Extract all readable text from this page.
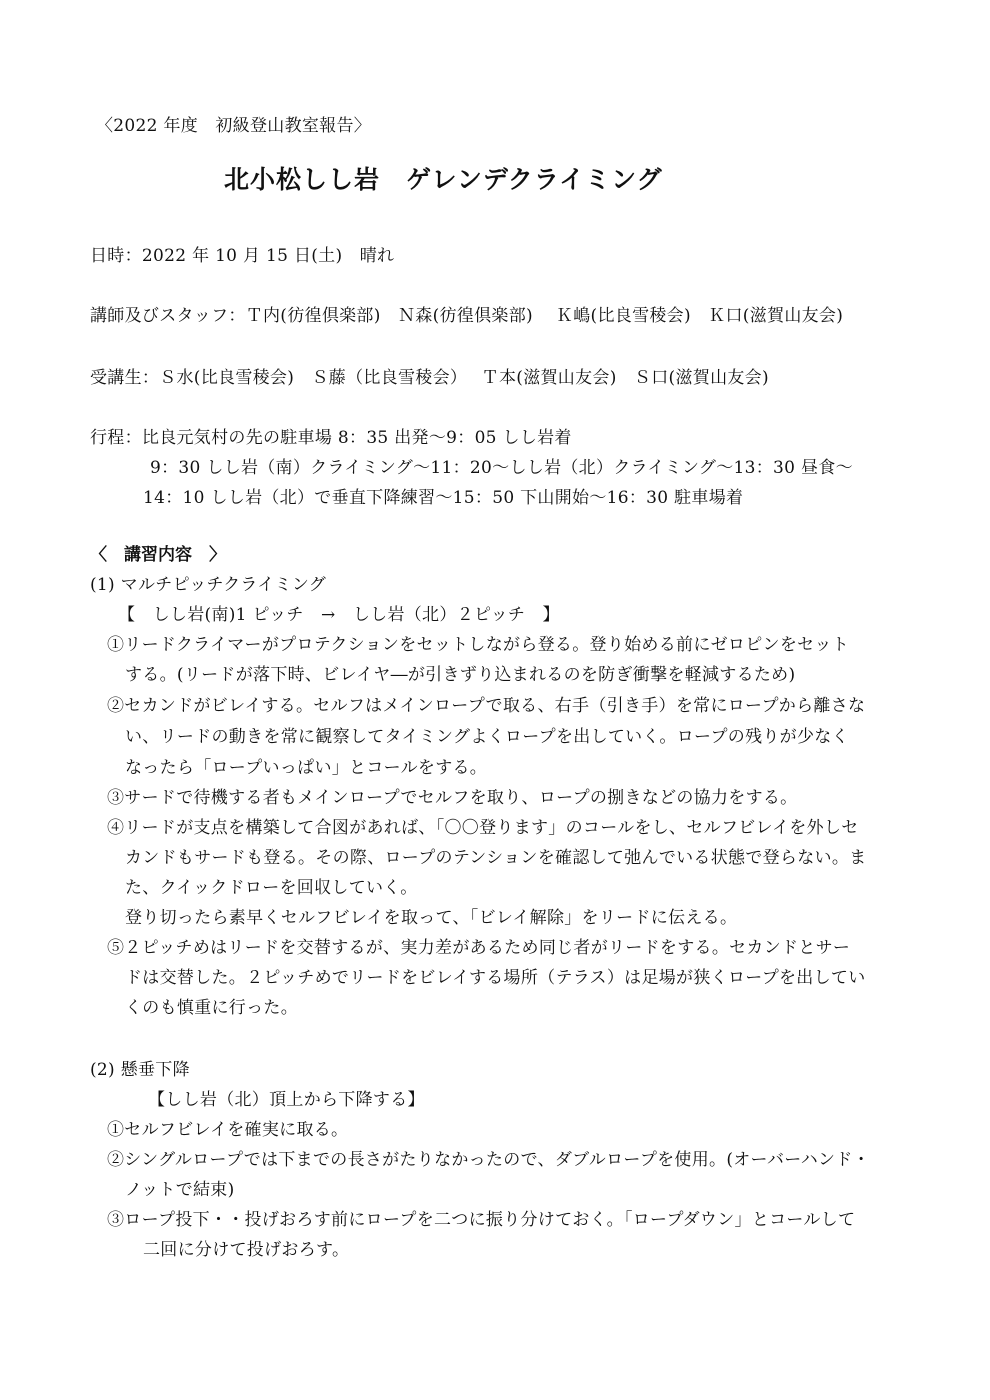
〈2022 年度　初級登山教室報告〉
北小松しし岩　ゲレンデクライミング
日時：2022 年 10 月 15 日(土)　晴れ
講師及びスタッフ：Ｔ内(彷徨倶楽部)　Ｎ森(彷徨倶楽部)　 Ｋ嶋(比良雪稜会)　Ｋ口(滋賀山友会)
受講生：Ｓ水(比良雪稜会)　Ｓ藤（比良雪稜会）　 Ｔ本(滋賀山友会)　Ｓ口(滋賀山友会)
行程：比良元気村の先の駐車場 8：35 出発～9：05 しし岩着
9：30 しし岩（南）クライミング～11：20～しし岩（北）クライミング～13：30 昼食～
14：10 しし岩（北）で垂直下降練習～15：50 下山開始～16：30 駐車場着
〈　講習内容　〉
(1) マルチピッチクライミング
【　しし岩(南)1 ピッチ　→　しし岩（北）２ピッチ　】
①リードクライマーがプロテクションをセットしながら登る。登り始める前にゼロピンをセット
する。(リードが落下時、ビレイヤ―が引きずり込まれるのを防ぎ衝撃を軽減するため)
②セカンドがビレイする。セルフはメインロープで取る、右手（引き手）を常にロープから離さな
い、リードの動きを常に観察してタイミングよくロープを出していく。ロープの残りが少なく
なったら「ロープいっぱい」とコールをする。
③サードで待機する者もメインロープでセルフを取り、ロープの捌きなどの協力をする。
④リードが支点を構築して合図があれば、「〇〇登ります」のコールをし、セルフビレイを外しセ
カンドもサードも登る。その際、ロープのテンションを確認して弛んでいる状態で登らない。ま
た、クイックドローを回収していく。
登り切ったら素早くセルフビレイを取って、「ビレイ解除」をリードに伝える。
⑤２ピッチめはリードを交替するが、実力差があるため同じ者がリードをする。セカンドとサー
ドは交替した。２ピッチめでリードをビレイする場所（テラス）は足場が狭くロープを出してい
くのも慎重に行った。
(2) 懸垂下降
【しし岩（北）頂上から下降する】
①セルフビレイを確実に取る。
②シングルロープでは下までの長さがたりなかったので、ダブルロープを使用。(オーバーハンド・
ノットで結束)
③ロープ投下・・投げおろす前にロープを二つに振り分けておく。「ロープダウン」とコールして
二回に分けて投げおろす。
